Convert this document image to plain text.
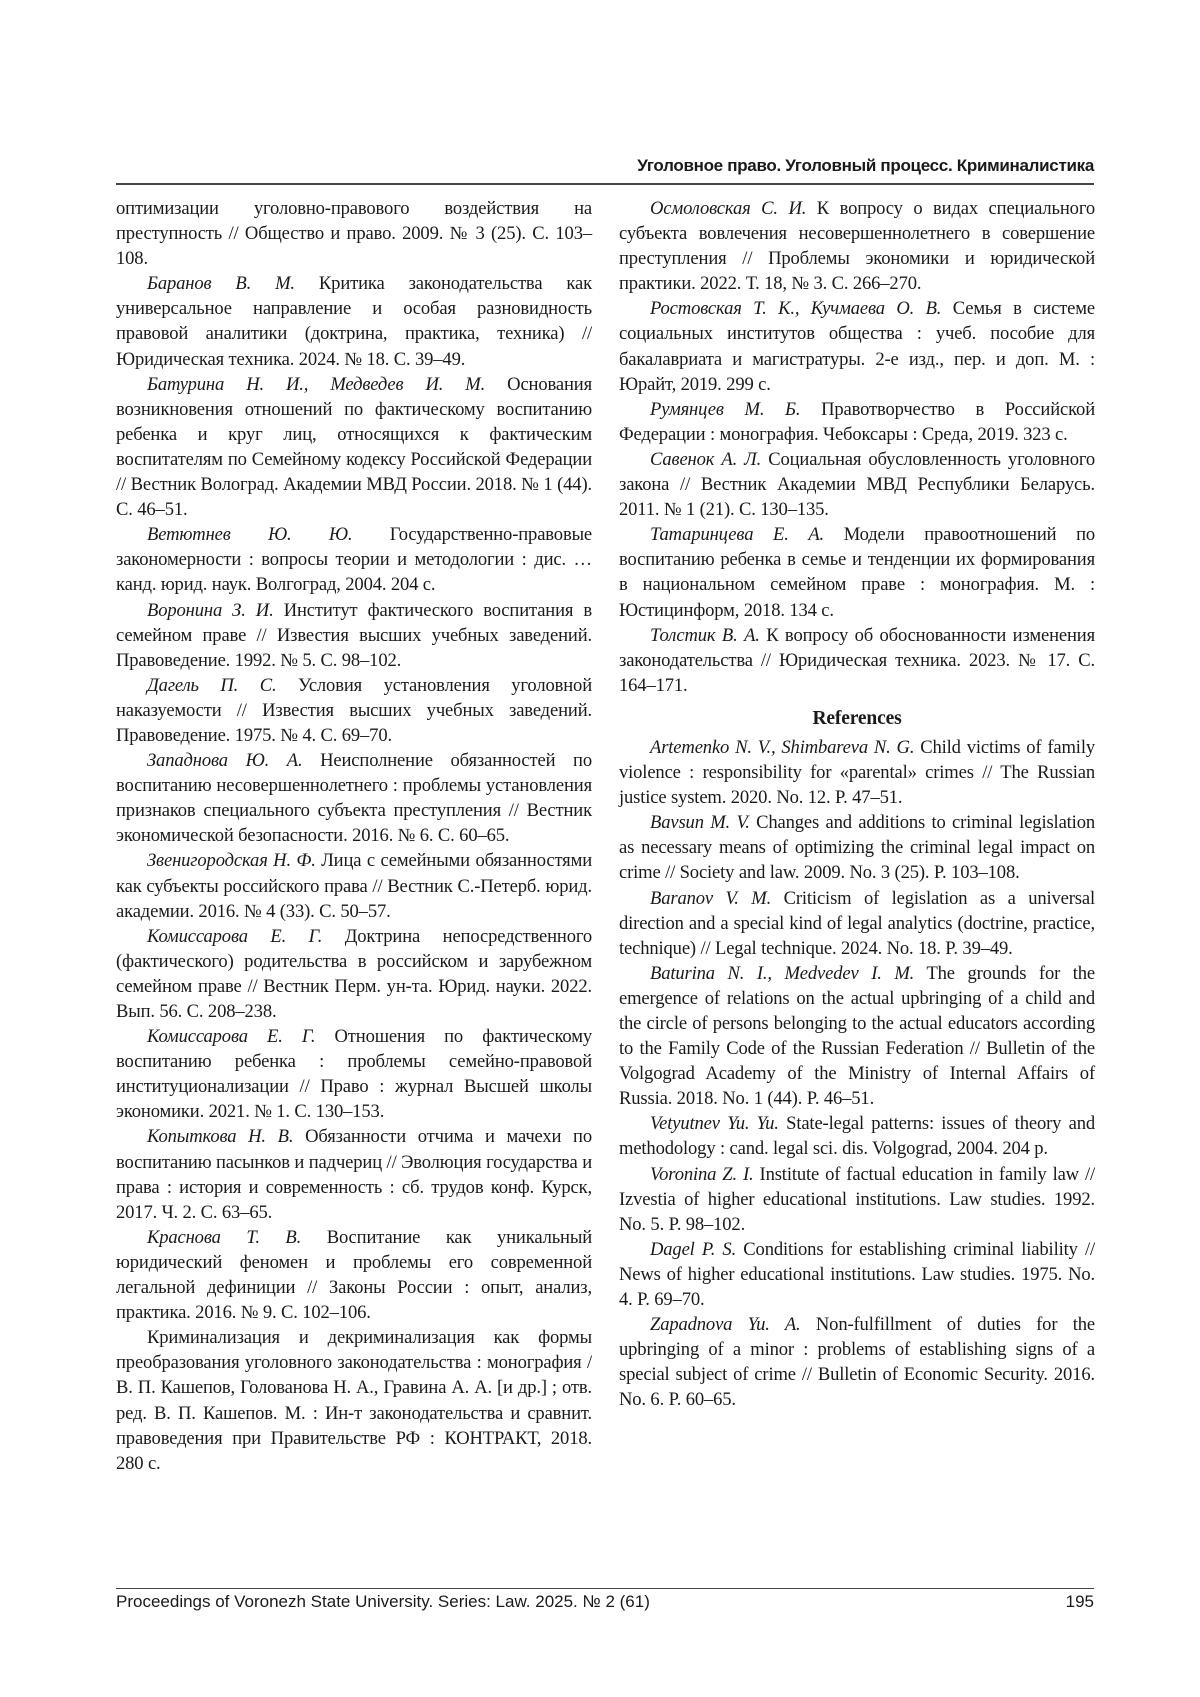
Уголовное право. Уголовный процесс. Криминалистика

оптимизации уголовно-правового воздействия на преступность // Общество и право. 2009. № 3 (25). С. 103–108.

Баранов В. М. Критика законодательства как универсальное направление и особая разновидность правовой аналитики (доктрина, практика, техника) // Юридическая техника. 2024. № 18. С. 39–49.

Батурина Н. И., Медведев И. М. Основания возникновения отношений по фактическому воспитанию ребенка и круг лиц, относящихся к фактическим воспитателям по Семейному кодексу Российской Федерации // Вестник Волоград. Академии МВД России. 2018. № 1 (44). С. 46–51.

Ветютнев Ю. Ю. Государственно-правовые закономерности : вопросы теории и методологии : дис. … канд. юрид. наук. Волгоград, 2004. 204 с.

Воронина З. И. Институт фактического воспитания в семейном праве // Известия высших учебных заведений. Правоведение. 1992. № 5. С. 98–102.

Дагель П. С. Условия установления уголовной наказуемости // Известия высших учебных заведений. Правоведение. 1975. № 4. С. 69–70.

Западнова Ю. А. Неисполнение обязанностей по воспитанию несовершеннолетнего : проблемы установления признаков специального субъекта преступления // Вестник экономической безопасности. 2016. № 6. С. 60–65.

Звенигородская Н. Ф. Лица с семейными обязанностями как субъекты российского права // Вестник С.-Петерб. юрид. академии. 2016. № 4 (33). С. 50–57.

Комиссарова Е. Г. Доктрина непосредственного (фактического) родительства в российском и зарубежном семейном праве // Вестник Перм. ун-та. Юрид. науки. 2022. Вып. 56. С. 208–238.

Комиссарова Е. Г. Отношения по фактическому воспитанию ребенка : проблемы семейно-правовой институционализации // Право : журнал Высшей школы экономики. 2021. № 1. С. 130–153.

Копыткова Н. В. Обязанности отчима и мачехи по воспитанию пасынков и падчериц // Эволюция государства и права : история и современность : сб. трудов конф. Курск, 2017. Ч. 2. С. 63–65.

Краснова Т. В. Воспитание как уникальный юридический феномен и проблемы его современной легальной дефиниции // Законы России : опыт, анализ, практика. 2016. № 9. С. 102–106.

Криминализация и декриминализация как формы преобразования уголовного законодательства : монография / В. П. Кашепов, Голованова Н. А., Гравина А. А. [и др.] ; отв. ред. В. П. Кашепов. М. : Ин-т законодательства и сравнит. правоведения при Правительстве РФ : КОНТРАКТ, 2018. 280 с.

Осмоловская С. И. К вопросу о видах специального субъекта вовлечения несовершеннолетнего в совершение преступления // Проблемы экономики и юридической практики. 2022. Т. 18, № 3. С. 266–270.

Ростовская Т. К., Кучмаева О. В. Семья в системе социальных институтов общества : учеб. пособие для бакалавриата и магистратуры. 2-е изд., пер. и доп. М. : Юрайт, 2019. 299 с.

Румянцев М. Б. Правотворчество в Российской Федерации : монография. Чебоксары : Среда, 2019. 323 с.

Савенок А. Л. Социальная обусловленность уголовного закона // Вестник Академии МВД Республики Беларусь. 2011. № 1 (21). С. 130–135.

Татаринцева Е. А. Модели правоотношений по воспитанию ребенка в семье и тенденции их формирования в национальном семейном праве : монография. М. : Юстицинформ, 2018. 134 с.

Толстик В. А. К вопросу об обоснованности изменения законодательства // Юридическая техника. 2023. № 17. С. 164–171.

References

Artemenko N. V., Shimbareva N. G. Child victims of family violence : responsibility for «parental» crimes // The Russian justice system. 2020. No. 12. P. 47–51.

Bavsun M. V. Changes and additions to criminal legislation as necessary means of optimizing the criminal legal impact on crime // Society and law. 2009. No. 3 (25). P. 103–108.

Baranov V. M. Criticism of legislation as a universal direction and a special kind of legal analytics (doctrine, practice, technique) // Legal technique. 2024. No. 18. P. 39–49.

Baturina N. I., Medvedev I. M. The grounds for the emergence of relations on the actual upbringing of a child and the circle of persons belonging to the actual educators according to the Family Code of the Russian Federation // Bulletin of the Volgograd Academy of the Ministry of Internal Affairs of Russia. 2018. No. 1 (44). P. 46–51.

Vetyutnev Yu. Yu. State-legal patterns: issues of theory and methodology : cand. legal sci. dis. Volgograd, 2004. 204 p.

Voronina Z. I. Institute of factual education in family law // Izvestia of higher educational institutions. Law studies. 1992. No. 5. P. 98–102.

Dagel P. S. Conditions for establishing criminal liability // News of higher educational institutions. Law studies. 1975. No. 4. P. 69–70.

Zapadnova Yu. A. Non-fulfillment of duties for the upbringing of a minor : problems of establishing signs of a special subject of crime // Bulletin of Economic Security. 2016. No. 6. P. 60–65.

Proceedings of Voronezh State University. Series: Law. 2025. № 2 (61)	195
